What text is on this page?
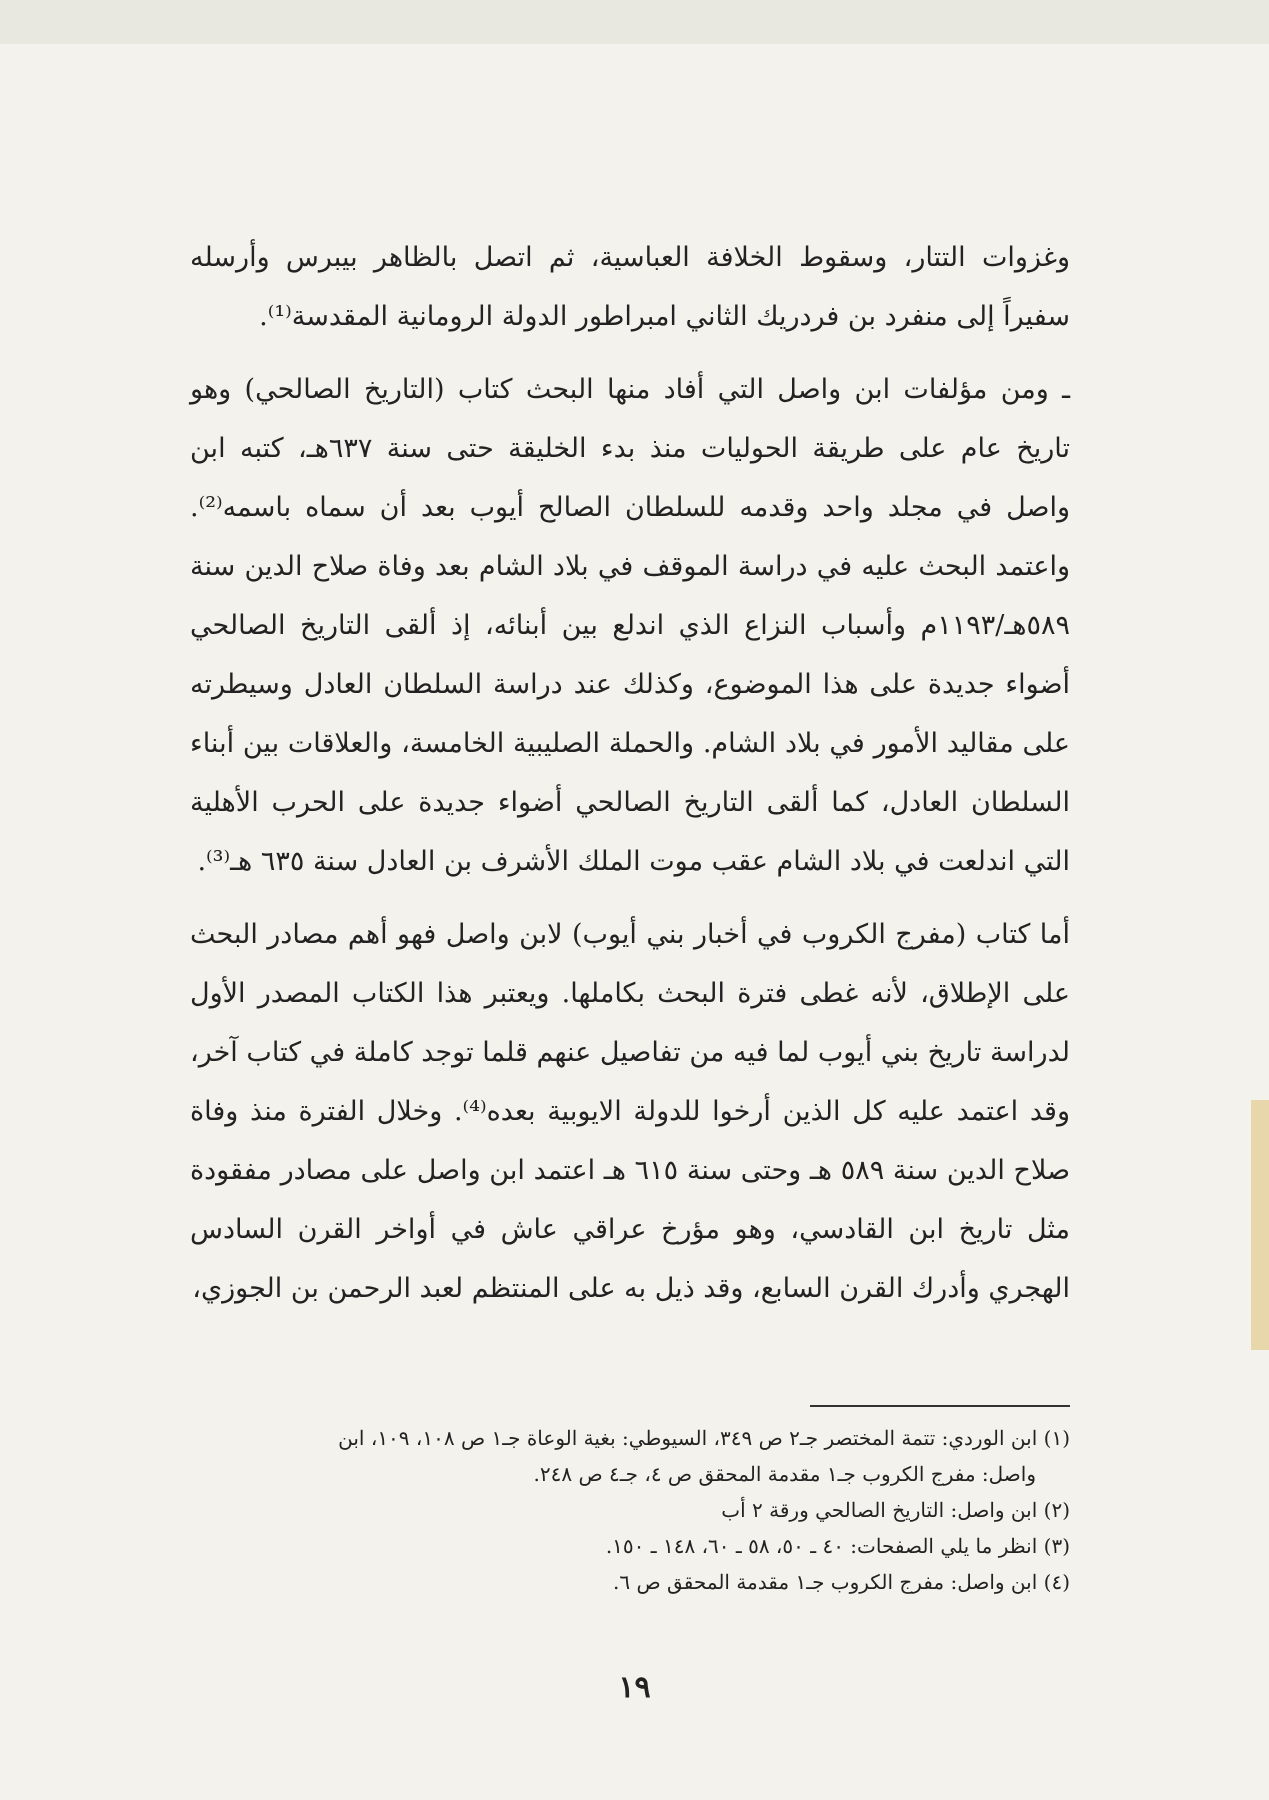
وغزوات التتار، وسقوط الخلافة العباسية، ثم اتصل بالظاهر بيبرس وأرسله سفيراً إلى منفرد بن فردريك الثاني امبراطور الدولة الرومانية المقدسة⁽¹⁾.

ـ ومن مؤلفات ابن واصل التي أفاد منها البحث كتاب (التاريخ الصالحي) وهو تاريخ عام على طريقة الحوليات منذ بدء الخليقة حتى سنة ٦٣٧هـ، كتبه ابن واصل في مجلد واحد وقدمه للسلطان الصالح أيوب بعد أن سماه باسمه⁽²⁾. واعتمد البحث عليه في دراسة الموقف في بلاد الشام بعد وفاة صلاح الدين سنة ٥٨٩هـ/١١٩٣م وأسباب النزاع الذي اندلع بين أبنائه، إذ ألقى التاريخ الصالحي أضواء جديدة على هذا الموضوع، وكذلك عند دراسة السلطان العادل وسيطرته على مقاليد الأمور في بلاد الشام. والحملة الصليبية الخامسة، والعلاقات بين أبناء السلطان العادل، كما ألقى التاريخ الصالحي أضواء جديدة على الحرب الأهلية التي اندلعت في بلاد الشام عقب موت الملك الأشرف بن العادل سنة ٦٣٥ هـ⁽³⁾.

أما كتاب (مفرج الكروب في أخبار بني أيوب) لابن واصل فهو أهم مصادر البحث على الإطلاق، لأنه غطى فترة البحث بكاملها. ويعتبر هذا الكتاب المصدر الأول لدراسة تاريخ بني أيوب لما فيه من تفاصيل عنهم قلما توجد كاملة في كتاب آخر، وقد اعتمد عليه كل الذين أرخوا للدولة الايوبية بعده⁽⁴⁾. وخلال الفترة منذ وفاة صلاح الدين سنة ٥٨٩ هـ وحتى سنة ٦١٥ هـ اعتمد ابن واصل على مصادر مفقودة مثل تاريخ ابن القادسي، وهو مؤرخ عراقي عاش في أواخر القرن السادس الهجري وأدرك القرن السابع، وقد ذيل به على المنتظم لعبد الرحمن بن الجوزي،

(١) ابن الوردي: تتمة المختصر جـ٢ ص ٣٤٩، السيوطي: بغية الوعاة جـ١ ص ١٠٨، ١٠٩، ابن

واصل: مفرج الكروب جـ١ مقدمة المحقق ص ٤، جـ٤ ص ٢٤٨.

(٢) ابن واصل: التاريخ الصالحي ورقة ٢ أب

(٣) انظر ما يلي الصفحات: ٤٠ ـ ٥٠، ٥٨ ـ ٦٠، ١٤٨ ـ ١٥٠.

(٤) ابن واصل: مفرج الكروب جـ١ مقدمة المحقق ص ٦.

١٩
